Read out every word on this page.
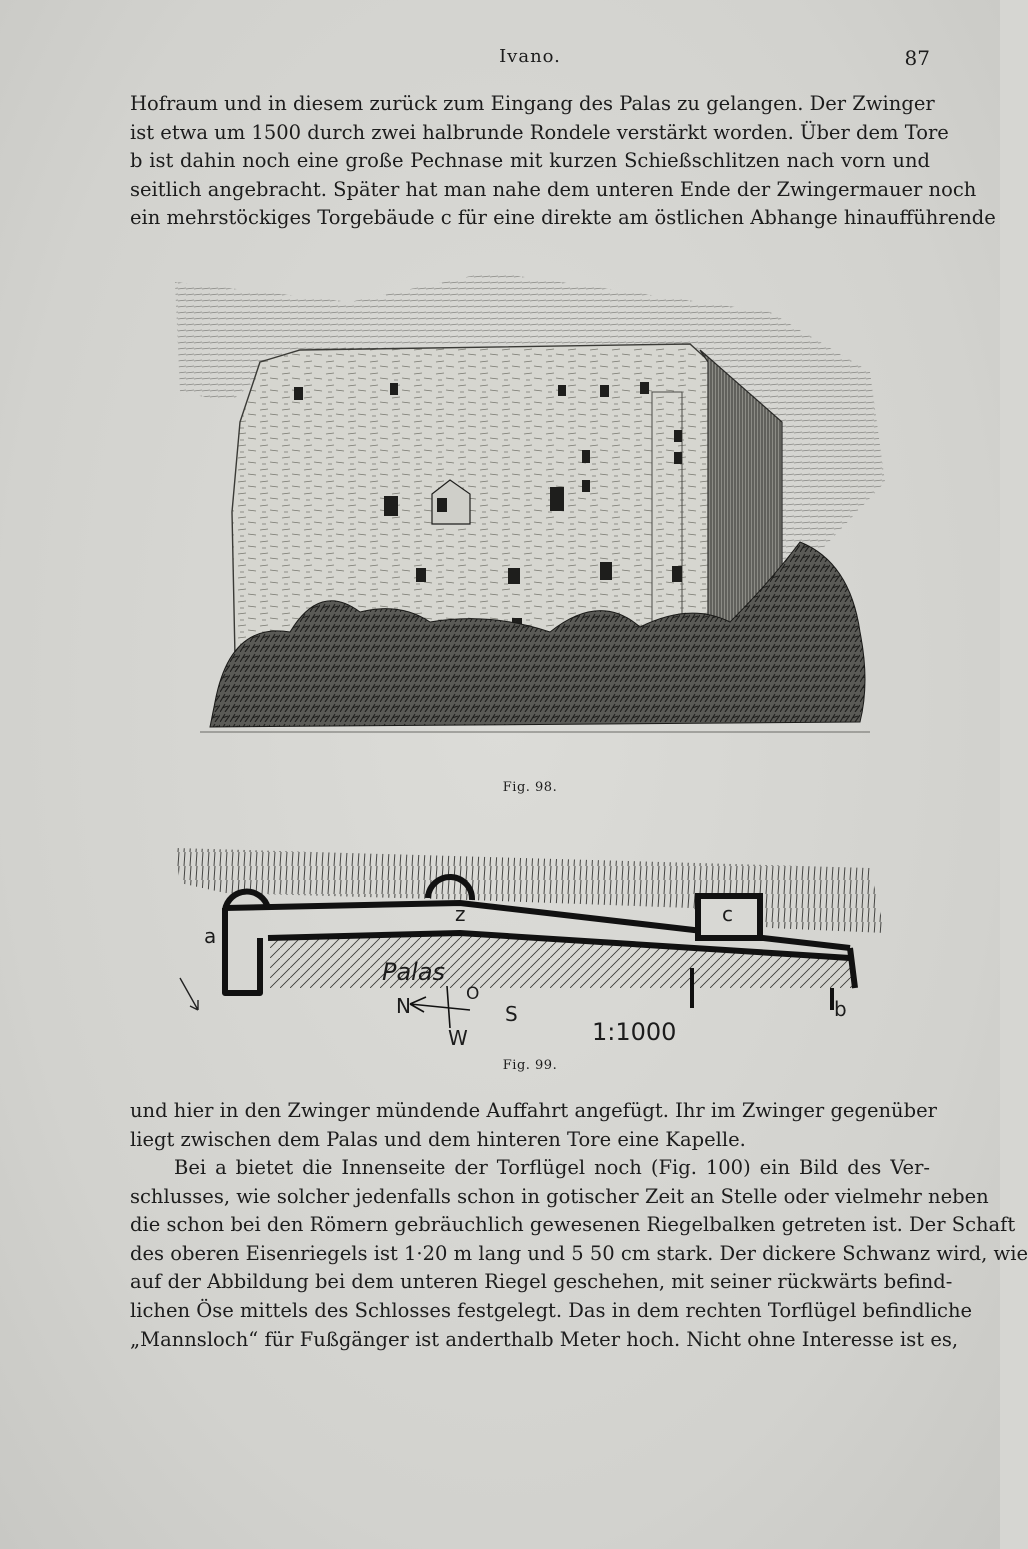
Ivano.	87
Hofraum und in diesem zurück zum Eingang des Palas zu gelangen. Der Zwinger
ist etwa um 1500 durch zwei halbrunde Rondele verstärkt worden. Über dem Tore
b ist dahin noch eine große Pechnase mit kurzen Schießschlitzen nach vorn und
seitlich angebracht. Später hat man nahe dem unteren Ende der Zwingermauer noch
ein mehrstöckiges Torgebäude c für eine direkte am östlichen Abhange hinaufführende
Fig. 98.
a
z	c
b
Palas
N	O
S
W	1:1000
Fig. 99.
und hier in den Zwinger mündende Auffahrt angefügt. Ihr im Zwinger gegenüber
liegt zwischen dem Palas und dem hinteren Tore eine Kapelle.
Bei a bietet die Innenseite der Torflügel noch (Fig. 100) ein Bild des Ver-
schlusses, wie solcher jedenfalls schon in gotischer Zeit an Stelle oder vielmehr neben
die schon bei den Römern gebräuchlich gewesenen Riegelbalken getreten ist. Der Schaft
des oberen Eisenriegels ist 1·20 m lang und 5 50 cm stark. Der dickere Schwanz wird, wie
auf der Abbildung bei dem unteren Riegel geschehen, mit seiner rückwärts befind-
lichen Öse mittels des Schlosses festgelegt. Das in dem rechten Torflügel befindliche
„Mannsloch“ für Fußgänger ist anderthalb Meter hoch. Nicht ohne Interesse ist es,
